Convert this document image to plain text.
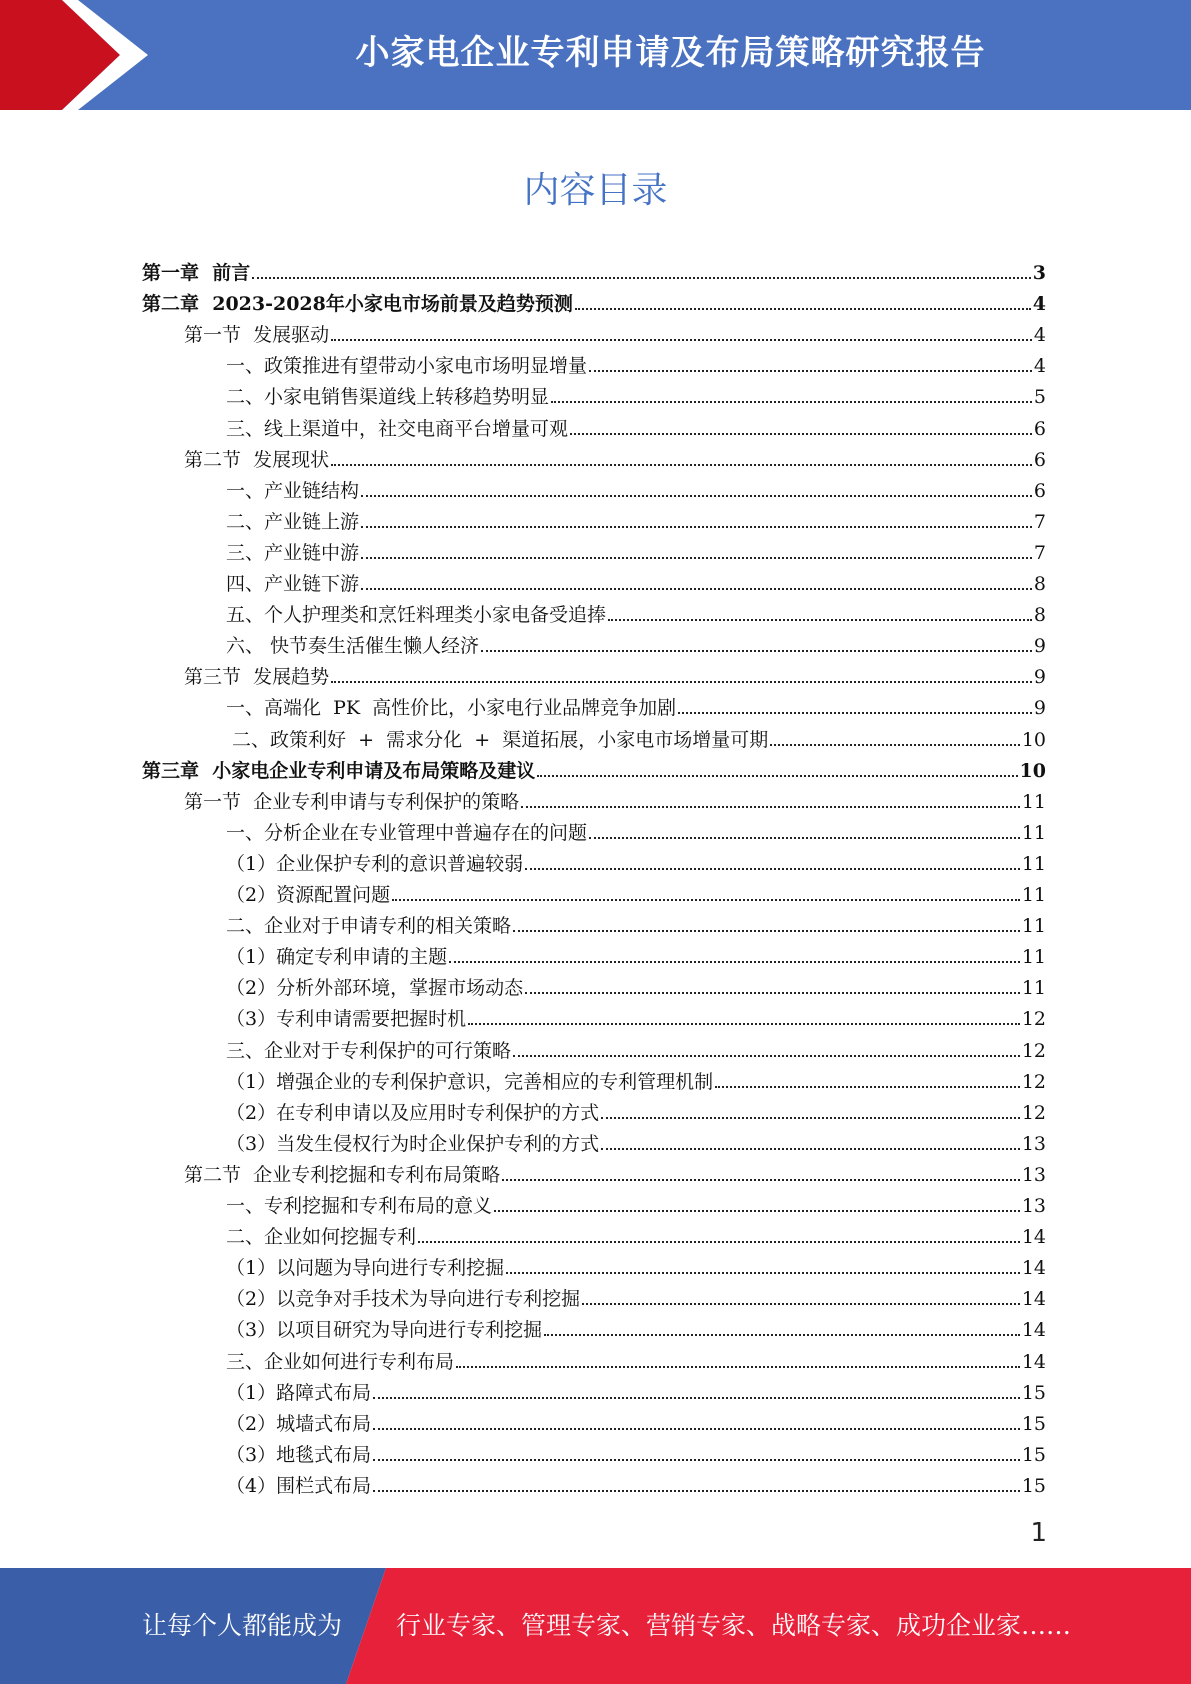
小家电企业专利申请及布局策略研究报告
内容目录
第一章  前言	3
第二章  2023-2028年小家电市场前景及趋势预测	4
第一节  发展驱动	4
一、政策推进有望带动小家电市场明显增量	4
二、小家电销售渠道线上转移趋势明显	5
三、线上渠道中，社交电商平台增量可观	6
第二节  发展现状	6
一、产业链结构	6
二、产业链上游	7
三、产业链中游	7
四、产业链下游	8
五、个人护理类和烹饪料理类小家电备受追捧	8
六、 快节奏生活催生懒人经济	9
第三节  发展趋势	9
一、高端化  PK  高性价比，小家电行业品牌竞争加剧	9
二、政策利好  +  需求分化  +  渠道拓展，小家电市场增量可期	10
第三章  小家电企业专利申请及布局策略及建议	10
第一节  企业专利申请与专利保护的策略	11
一、分析企业在专业管理中普遍存在的问题	11
（1）企业保护专利的意识普遍较弱	11
（2）资源配置问题	11
二、企业对于申请专利的相关策略	11
（1）确定专利申请的主题	11
（2）分析外部环境，掌握市场动态	11
（3）专利申请需要把握时机	12
三、企业对于专利保护的可行策略	12
（1）增强企业的专利保护意识，完善相应的专利管理机制	12
（2）在专利申请以及应用时专利保护的方式	12
（3）当发生侵权行为时企业保护专利的方式	13
第二节  企业专利挖掘和专利布局策略	13
一、专利挖掘和专利布局的意义	13
二、企业如何挖掘专利	14
（1）以问题为导向进行专利挖掘	14
（2）以竞争对手技术为导向进行专利挖掘	14
（3）以项目研究为导向进行专利挖掘	14
三、企业如何进行专利布局	14
（1）路障式布局	15
（2）城墙式布局	15
（3）地毯式布局	15
（4）围栏式布局	15
1
让每个人都能成为 行业专家、管理专家、营销专家、战略专家、成功企业家……
